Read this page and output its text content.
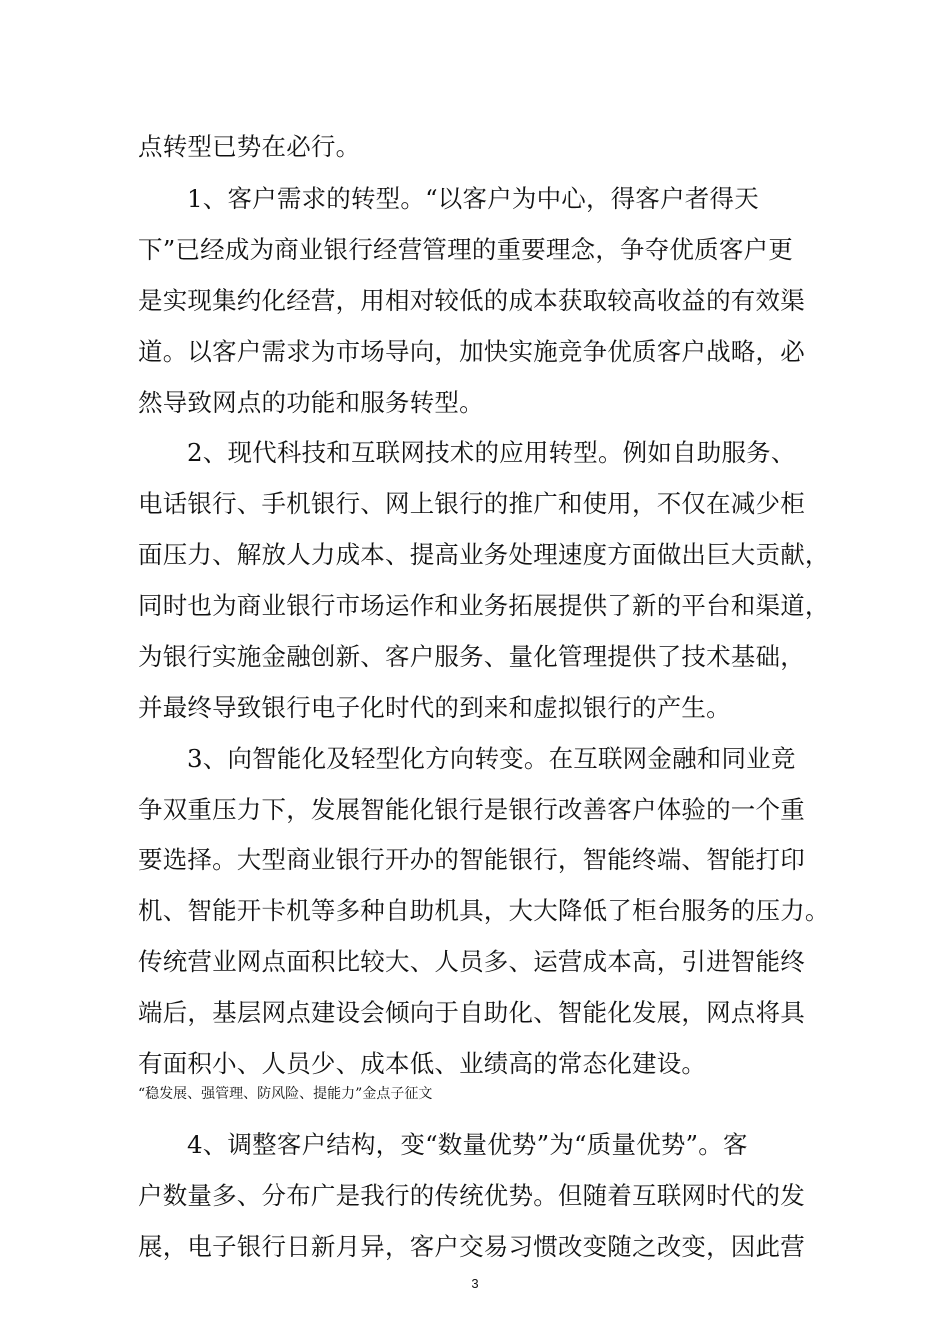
点转型已势在必行。

1、客户需求的转型。“以客户为中心，得客户者得天

下”已经成为商业银行经营管理的重要理念，争夺优质客户更

是实现集约化经营，用相对较低的成本获取较高收益的有效渠

道。以客户需求为市场导向，加快实施竞争优质客户战略，必

然导致网点的功能和服务转型。

2、现代科技和互联网技术的应用转型。例如自助服务、

电话银行、手机银行、网上银行的推广和使用，不仅在减少柜

面压力、解放人力成本、提高业务处理速度方面做出巨大贡献，

同时也为商业银行市场运作和业务拓展提供了新的平台和渠道，

为银行实施金融创新、客户服务、量化管理提供了技术基础，

并最终导致银行电子化时代的到来和虚拟银行的产生。

3、向智能化及轻型化方向转变。在互联网金融和同业竞

争双重压力下，发展智能化银行是银行改善客户体验的一个重

要选择。大型商业银行开办的智能银行，智能终端、智能打印

机、智能开卡机等多种自助机具，大大降低了柜台服务的压力。

传统营业网点面积比较大、人员多、运营成本高，引进智能终

端后，基层网点建设会倾向于自助化、智能化发展，网点将具

有面积小、人员少、成本低、业绩高的常态化建设。

“稳发展、强管理、防风险、提能力”金点子征文

4、调整客户结构，变“数量优势”为“质量优势”。客

户数量多、分布广是我行的传统优势。但随着互联网时代的发

展，电子银行日新月异，客户交易习惯改变随之改变，因此营

3
